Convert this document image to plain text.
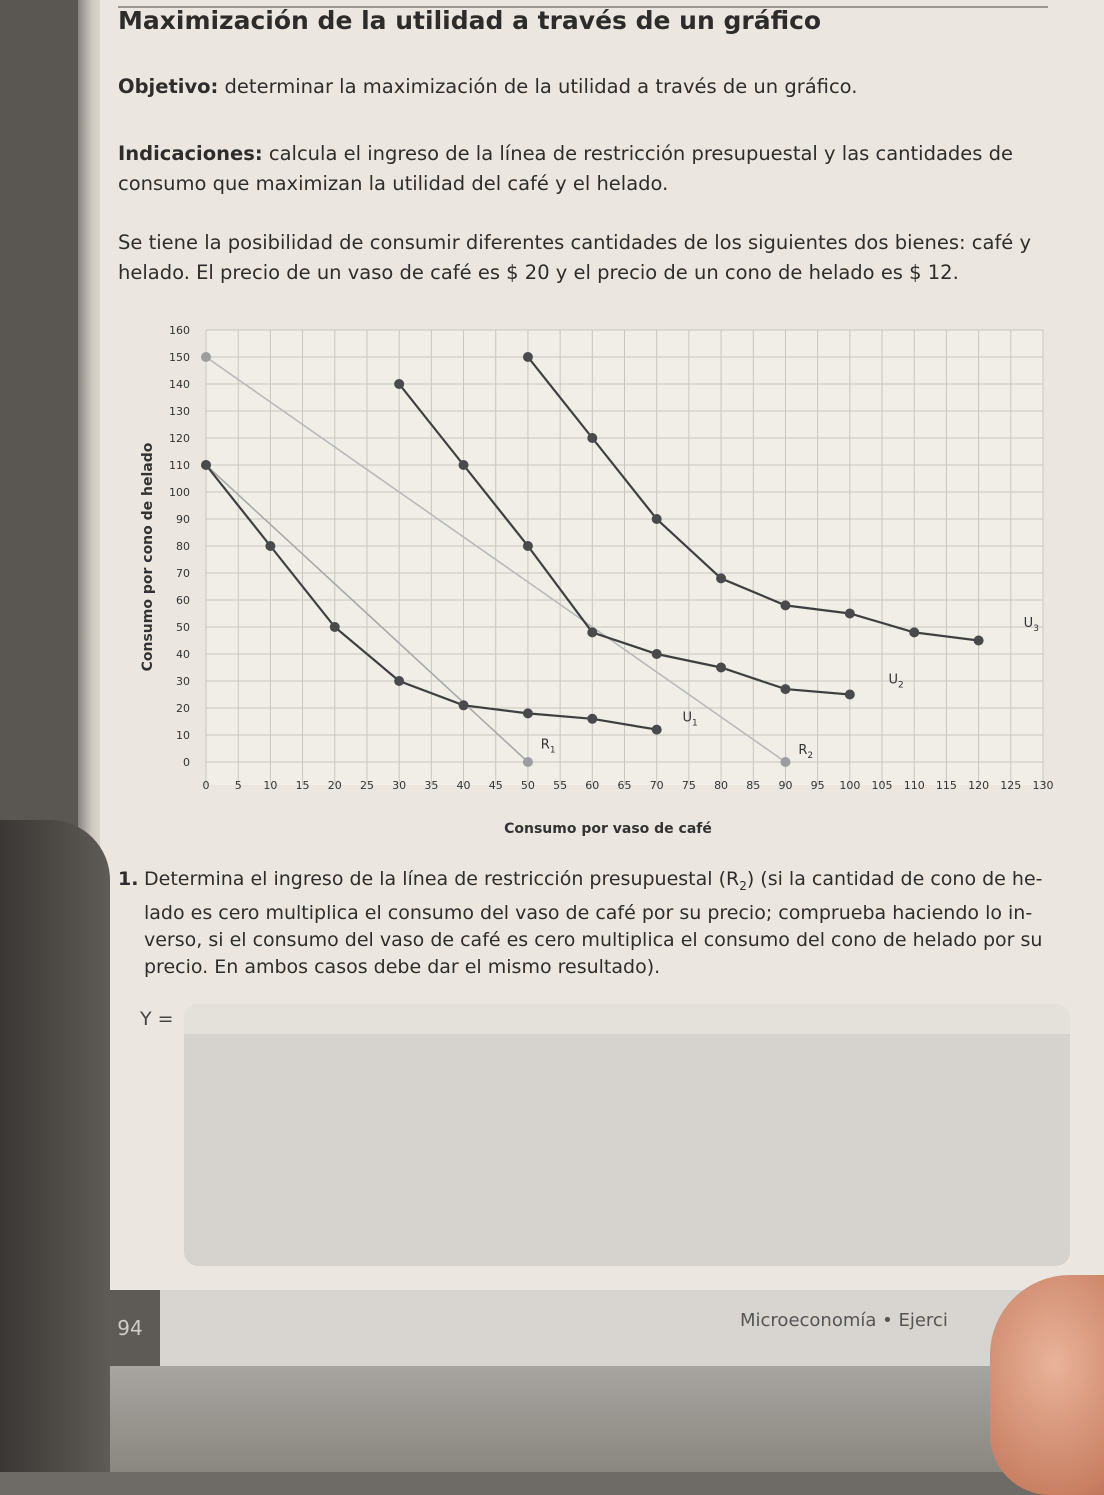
Maximización de la utilidad a través de un gráfico
Objetivo: determinar la maximización de la utilidad a través de un gráfico.
Indicaciones: calcula el ingreso de la línea de restricción presupuestal y las cantidades de
consumo que maximizan la utilidad del café y el helado.
Se tiene la posibilidad de consumir diferentes cantidades de los siguientes dos bienes: café y
helado. El precio de un vaso de café es $ 20 y el precio de un cono de helado es $ 12.
0 5 10 15 20 25 30 35 40 45 50 55 60 65 70 75 80 85 90 95 100 105 110 115 120 125 130
0
10
20
30
40
50
60
70
80
90
100
110
120
130
140
150
160
$R_1$	$R_2$
$U_1$
$U_2$
$U_3$
Consumo por vaso de café
Consumo por cono de helado
1. Determina el ingreso de la línea de restricción presupuestal $(R_2)$ (si la cantidad de cono de he-
lado es cero multiplica el consumo del vaso de café por su precio; comprueba haciendo lo in-
verso, si el consumo del vaso de café es cero multiplica el consumo del cono de helado por su
precio. En ambos casos debe dar el mismo resultado).
Y =
94	Microeconomía • Ejerci
